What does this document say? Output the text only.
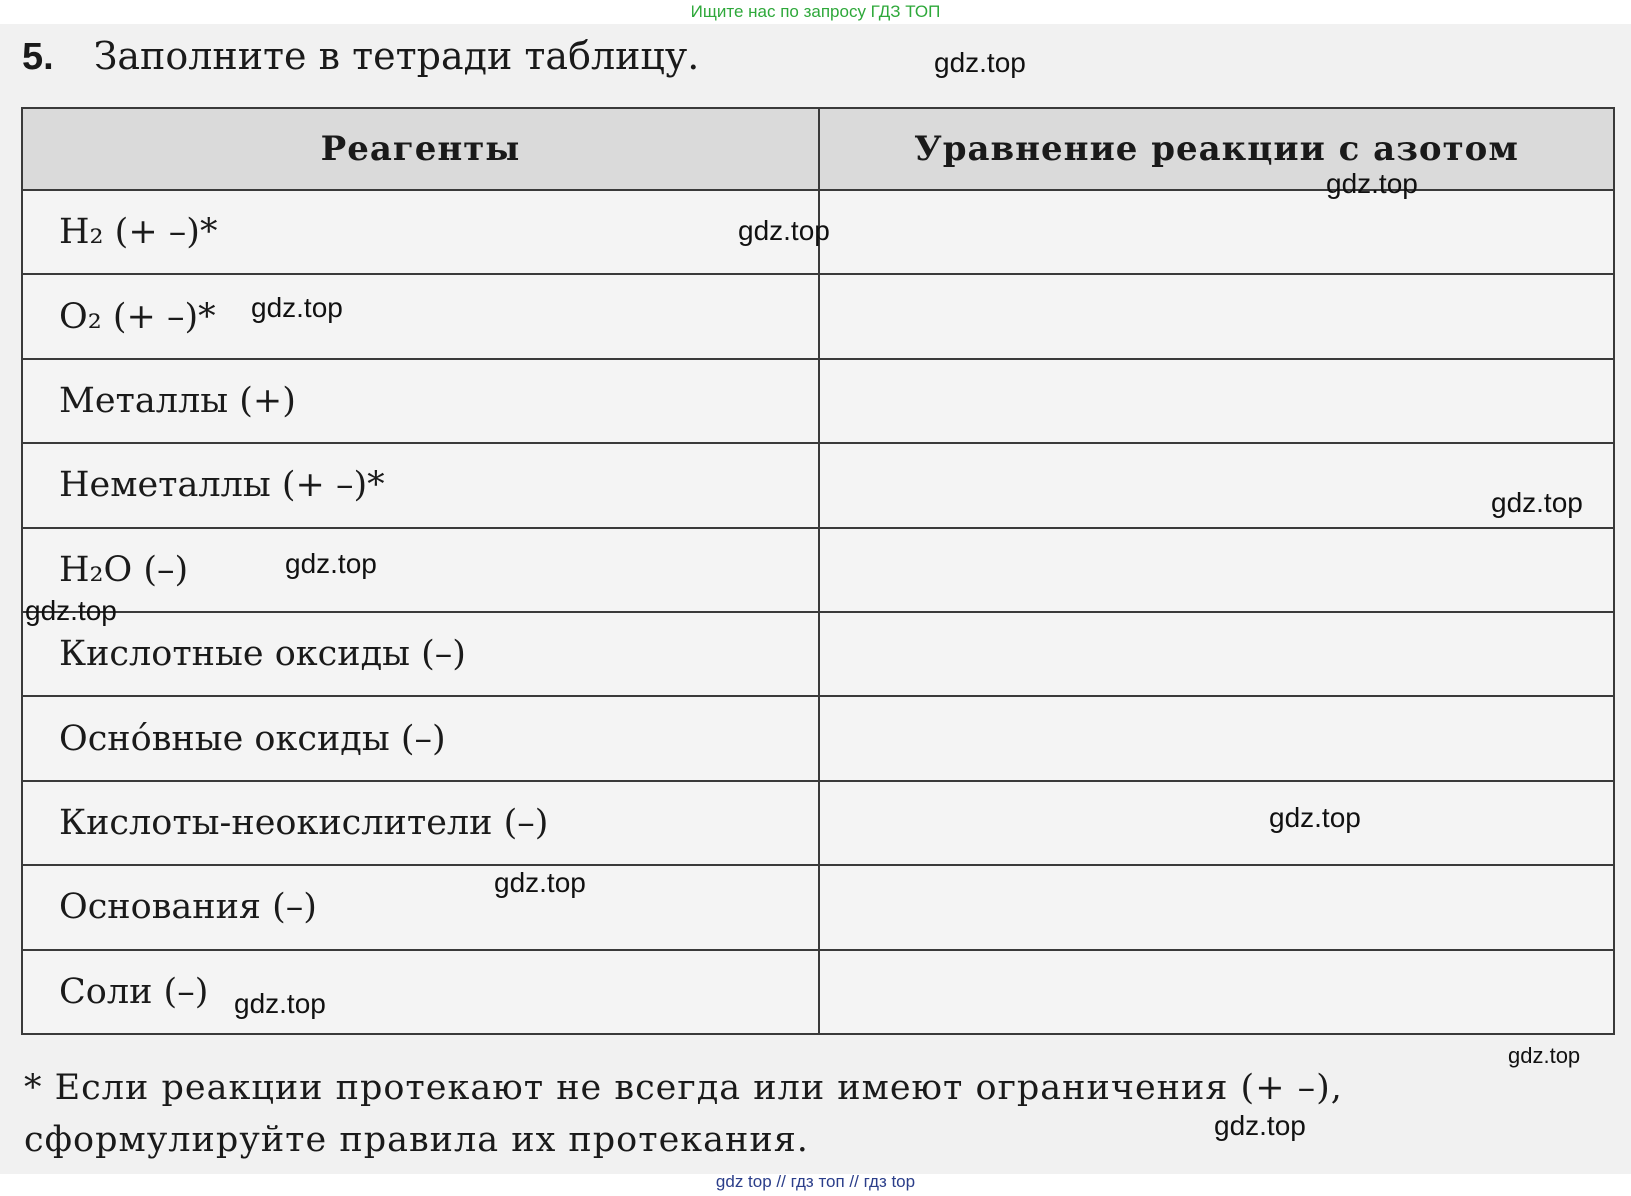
Ищите нас по запросу ГДЗ ТОП
5. Заполните в тетради таблицу.
Реагенты	Уравнение реакции с азотом
H₂ (+ –)*	
O₂ (+ –)*	
Металлы (+)	
Неметаллы (+ –)*	
H₂O (–)	
Кислотные оксиды (–)	
Осно́вные оксиды (–)	
Кислоты-неокислители (–)	
Основания (–)	
Соли (–)	
* Если реакции протекают не всегда или имеют ограничения (+ –), сформулируйте правила их протекания.
gdz.top
gdz.top
gdz.top
gdz.top
gdz.top
gdz.top
gdz.top
gdz.top
gdz.top
gdz.top
gdz.top
gdz.top
gdz top // гдз топ // гдз top
